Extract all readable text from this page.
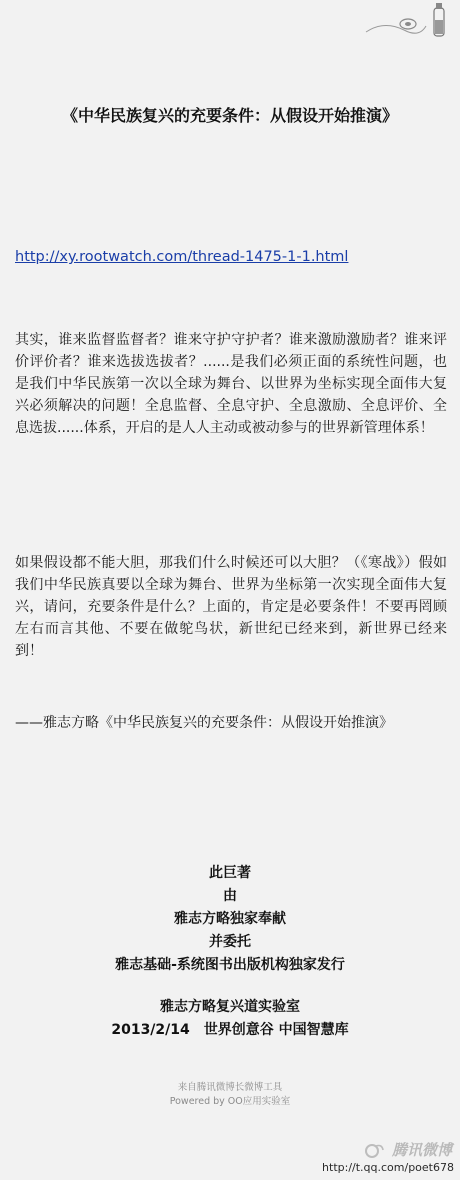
《中华民族复兴的充要条件：从假设开始推演》
http://xy.rootwatch.com/thread-1475-1-1.html
其实，谁来监督监督者？谁来守护守护者？谁来激励激励者？谁来评价评价者？谁来选拔选拔者？......是我们必须正面的系统性问题，也是我们中华民族第一次以全球为舞台、以世界为坐标实现全面伟大复兴必须解决的问题！全息监督、全息守护、全息激励、全息评价、全息选拔......体系，开启的是人人主动或被动参与的世界新管理体系！
如果假设都不能大胆，那我们什么时候还可以大胆？（《寒战》）假如我们中华民族真要以全球为舞台、世界为坐标第一次实现全面伟大复兴，请问，充要条件是什么？上面的，肯定是必要条件！不要再罔顾左右而言其他、不要在做鸵鸟状，新世纪已经来到，新世界已经来到！
——雅志方略《中华民族复兴的充要条件：从假设开始推演》
此巨著
由
雅志方略独家奉献
并委托
雅志基础-系统图书出版机构独家发行
雅志方略复兴道实验室
2013/2/14　世界创意谷 中国智慧库
来自腾讯微博长微博工具
Powered by OO应用实验室
腾讯微博
http://t.qq.com/poet678
